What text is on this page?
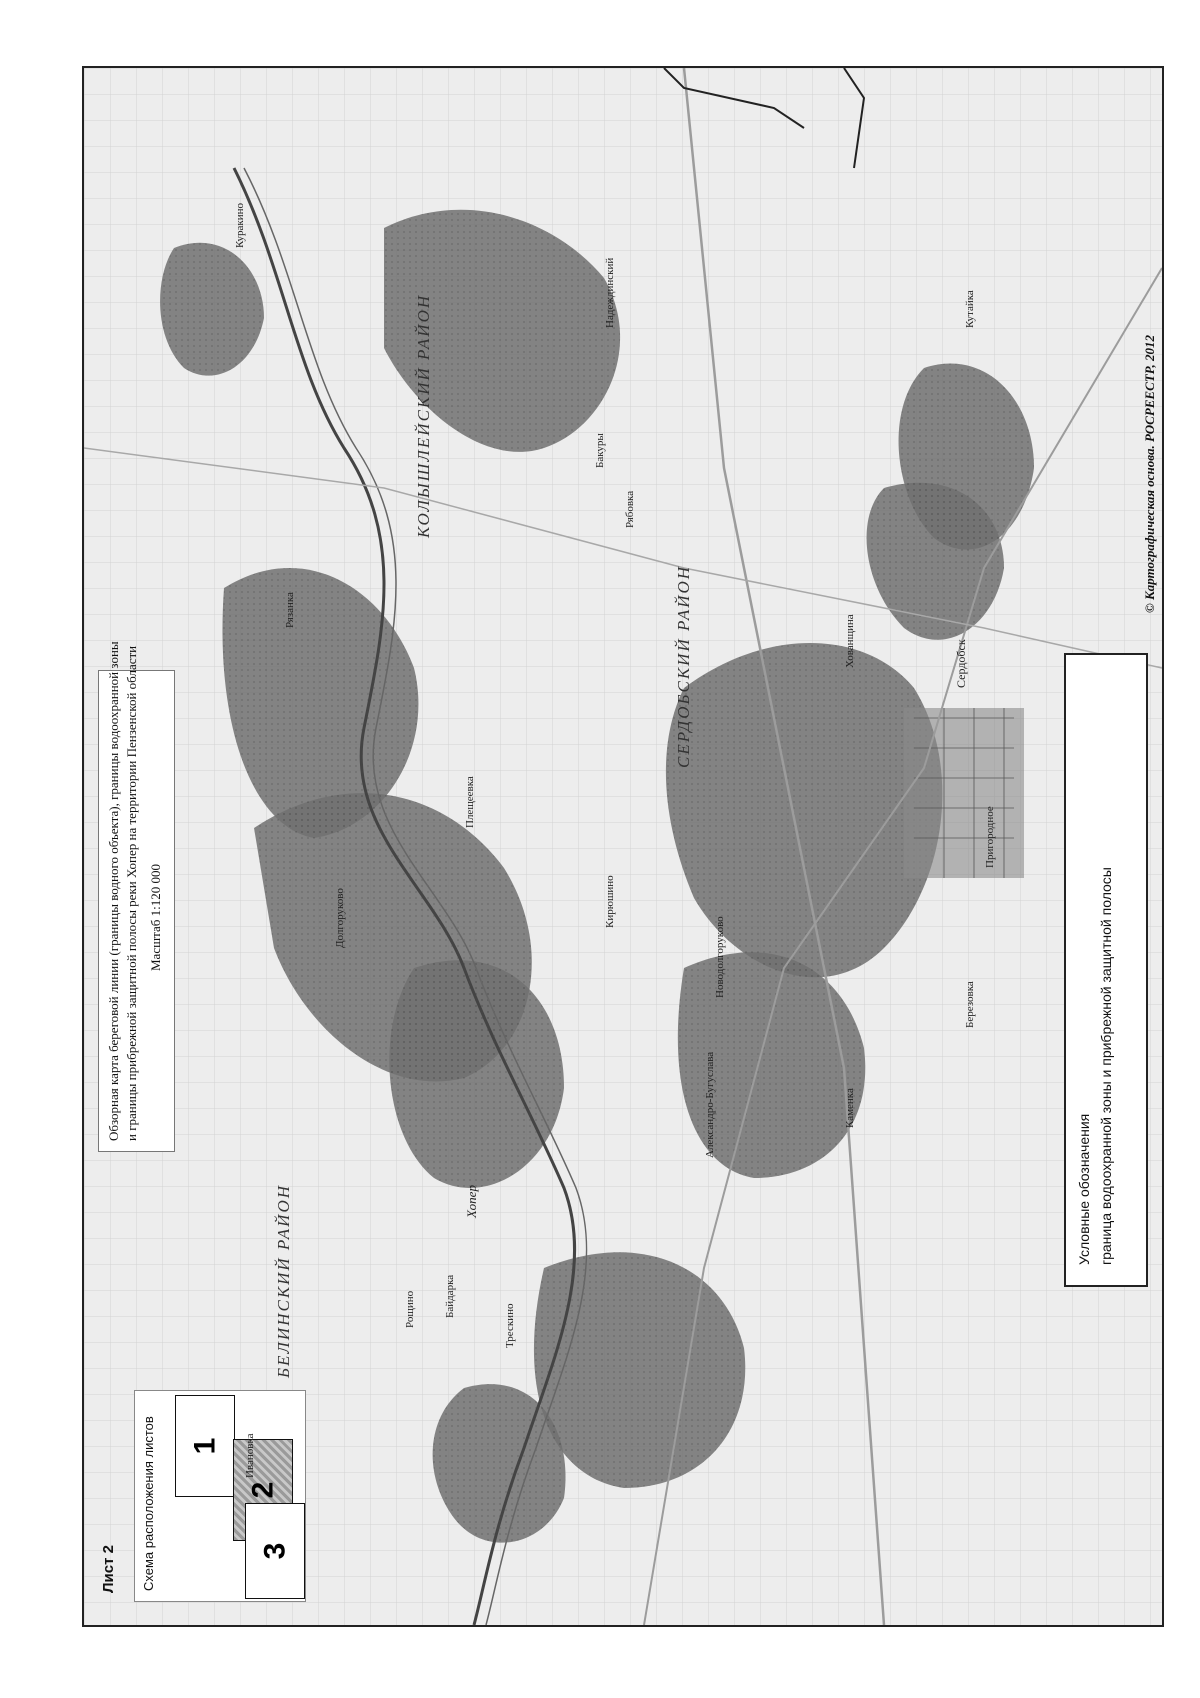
Лист 2
Обзорная карта береговой линии (границы водного объекта), границы водоохранной зоны и границы прибрежной защитной полосы реки Хопер на территории Пензенской области Масштаб 1:120 000
Условные обозначения граница водоохранной зоны и прибрежной защитной полосы
© Картографическая основа. РОСРЕЕСТР, 2012
Схема расположения листов 1
2
3
БЕЛИНСКИЙ РАЙОН
СЕРДОБСКИЙ РАЙОН
КОЛЫШЛЕЙСКИЙ РАЙОН
Хопер
Сердобск
Кирюшино
Пригородное
Долгоруково
Рощино	Байдарка
Березовка
Трескино
Ивановка
Александро-Бугуслава
Рязанка
Куракино
Бакуры
Рябовка
Новодолгоруково
Плещеевка
Каменка
Хованщина
Надеждинский	Кутайка
